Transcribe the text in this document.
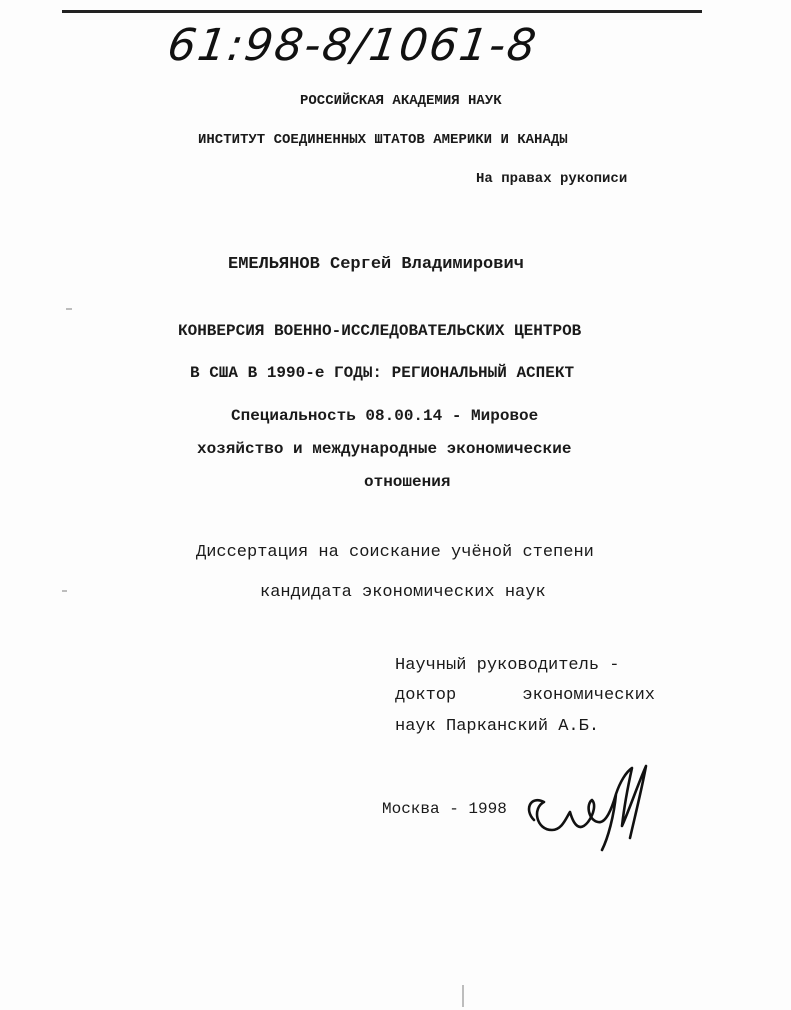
61:98-8/1061-8
РОССИЙСКАЯ АКАДЕМИЯ НАУК
ИНСТИТУТ СОЕДИНЕННЫХ ШТАТОВ АМЕРИКИ И КАНАДЫ
На правах рукописи
ЕМЕЛЬЯНОВ Сергей Владимирович
КОНВЕРСИЯ ВОЕННО-ИССЛЕДОВАТЕЛЬСКИХ ЦЕНТРОВ
В США В 1990-е ГОДЫ: РЕГИОНАЛЬНЫЙ АСПЕКТ
Специальность 08.00.14 - Мировое
хозяйство и международные экономические
отношения
Диссертация на соискание учёной степени
кандидата экономических наук
Научный руководитель -
доктор	экономических
наук Парканский А.Б.
Москва - 1998
